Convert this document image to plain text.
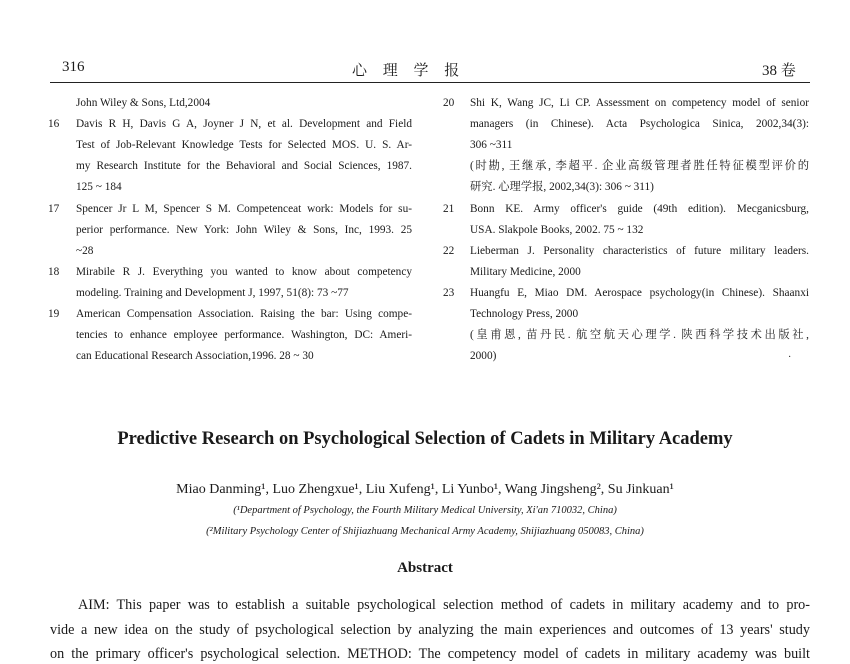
316	心 理 学 报	38 卷
John Wiley & Sons, Ltd,2004
16 Davis R H, Davis G A, Joyner J N, et al. Development and Field
Test of Job-Relevant Knowledge Tests for Selected MOS. U. S. Ar-
my Research Institute for the Behavioral and Social Sciences, 1987.
125 ~ 184
17 Spencer Jr L M, Spencer S M. Competenceat work: Models for su-
perior performance. New York: John Wiley & Sons, Inc, 1993. 25
~28
18 Mirabile R J. Everything you wanted to know about competency
modeling. Training and Development J, 1997, 51(8): 73 ~77
19 American Compensation Association. Raising the bar: Using compe-
tencies to enhance employee performance. Washington, DC: Ameri-
can Educational Research Association,1996. 28 ~ 30
20 Shi K, Wang JC, Li CP. Assessment on competency model of senior
managers (in Chinese). Acta Psychologica Sinica, 2002,34(3):
306 ~311
(时勘, 王继承, 李超平. 企业高级管理者胜任特征模型评价的
研究. 心理学报, 2002,34(3): 306 ~ 311)
21 Bonn KE. Army officer's guide (49th edition). Mecganicsburg,
USA. Slakpole Books, 2002. 75 ~ 132
22 Lieberman J. Personality characteristics of future military leaders.
Military Medicine, 2000
23 Huangfu E, Miao DM. Aerospace psychology(in Chinese). Shaanxi
Technology Press, 2000
(皇甫恩, 苗丹民. 航空航天心理学. 陕西科学技术出版社,
2000)	·
Predictive Research on Psychological Selection of Cadets in Military Academy
Miao Danming¹, Luo Zhengxue¹, Liu Xufeng¹, Li Yunbo¹, Wang Jingsheng², Su Jinkuan¹
(¹Department of Psychology, the Fourth Military Medical University, Xi'an 710032, China)
(²Military Psychology Center of Shijiazhuang Mechanical Army Academy, Shijiazhuang 050083, China)
Abstract
AIM: This paper was to establish a suitable psychological selection method of cadets in military academy and to pro-
vide a new idea on the study of psychological selection by analyzing the main experiences and outcomes of 13 years' study
on the primary officer's psychological selection. METHOD: The competency model of cadets in military academy was built
